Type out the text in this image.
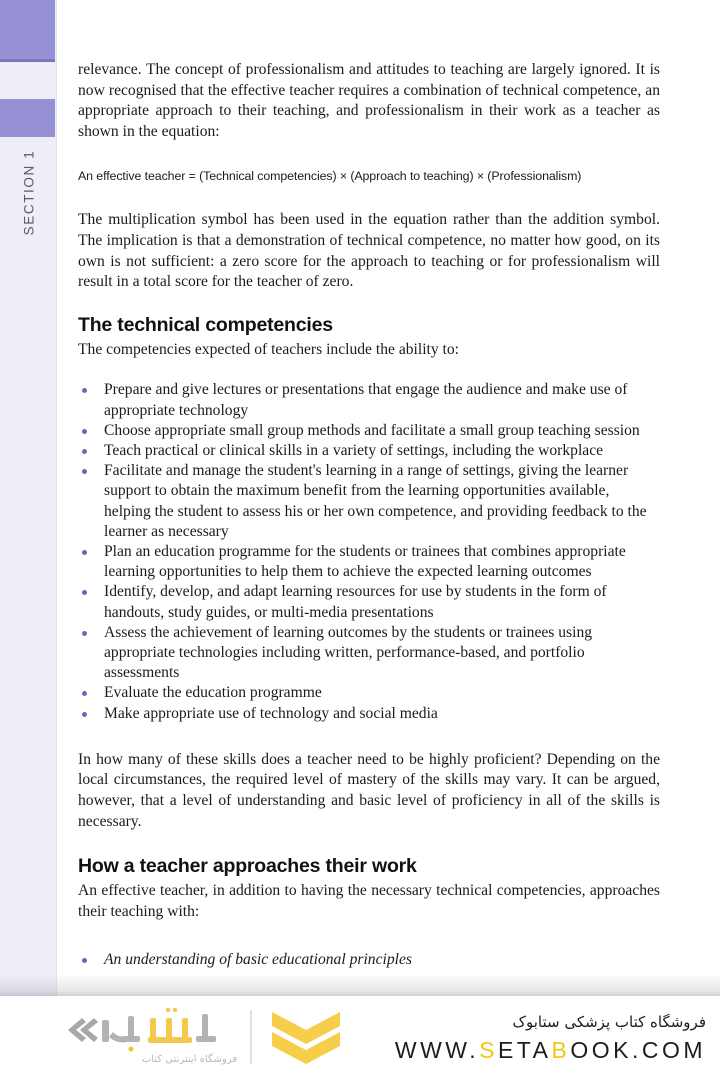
SECTION 1

relevance. The concept of professionalism and attitudes to teaching are largely ignored. It is now recognised that the effective teacher requires a combination of technical competence, an appropriate approach to their teaching, and professionalism in their work as a teacher as shown in the equation:

An effective teacher = (Technical competencies) × (Approach to teaching) × (Professionalism)

The multiplication symbol has been used in the equation rather than the addition symbol. The implication is that a demonstration of technical competence, no matter how good, on its own is not sufficient: a zero score for the approach to teaching or for professionalism will result in a total score for the teacher of zero.

The technical competencies

The competencies expected of teachers include the ability to:

Prepare and give lectures or presentations that engage the audience and make use of appropriate technology
Choose appropriate small group methods and facilitate a small group teaching session
Teach practical or clinical skills in a variety of settings, including the workplace
Facilitate and manage the student's learning in a range of settings, giving the learner support to obtain the maximum benefit from the learning opportunities available, helping the student to assess his or her own competence, and providing feedback to the learner as necessary
Plan an education programme for the students or trainees that combines appropriate learning opportunities to help them to achieve the expected learning outcomes
Identify, develop, and adapt learning resources for use by students in the form of handouts, study guides, or multi-media presentations
Assess the achievement of learning outcomes by the students or trainees using appropriate technologies including written, performance-based, and portfolio assessments
Evaluate the education programme
Make appropriate use of technology and social media

In how many of these skills does a teacher need to be highly proficient? Depending on the local circumstances, the required level of mastery of the skills may vary. It can be argued, however, that a level of understanding and basic level of proficiency in all of the skills is necessary.

How a teacher approaches their work

An effective teacher, in addition to having the necessary technical competencies, approaches their teaching with:

An understanding of basic educational principles
فروشگاه اینترنتی کتاب
فروشگاه کتاب پزشکی ستابوک
WWW.SETABOOK.COM
